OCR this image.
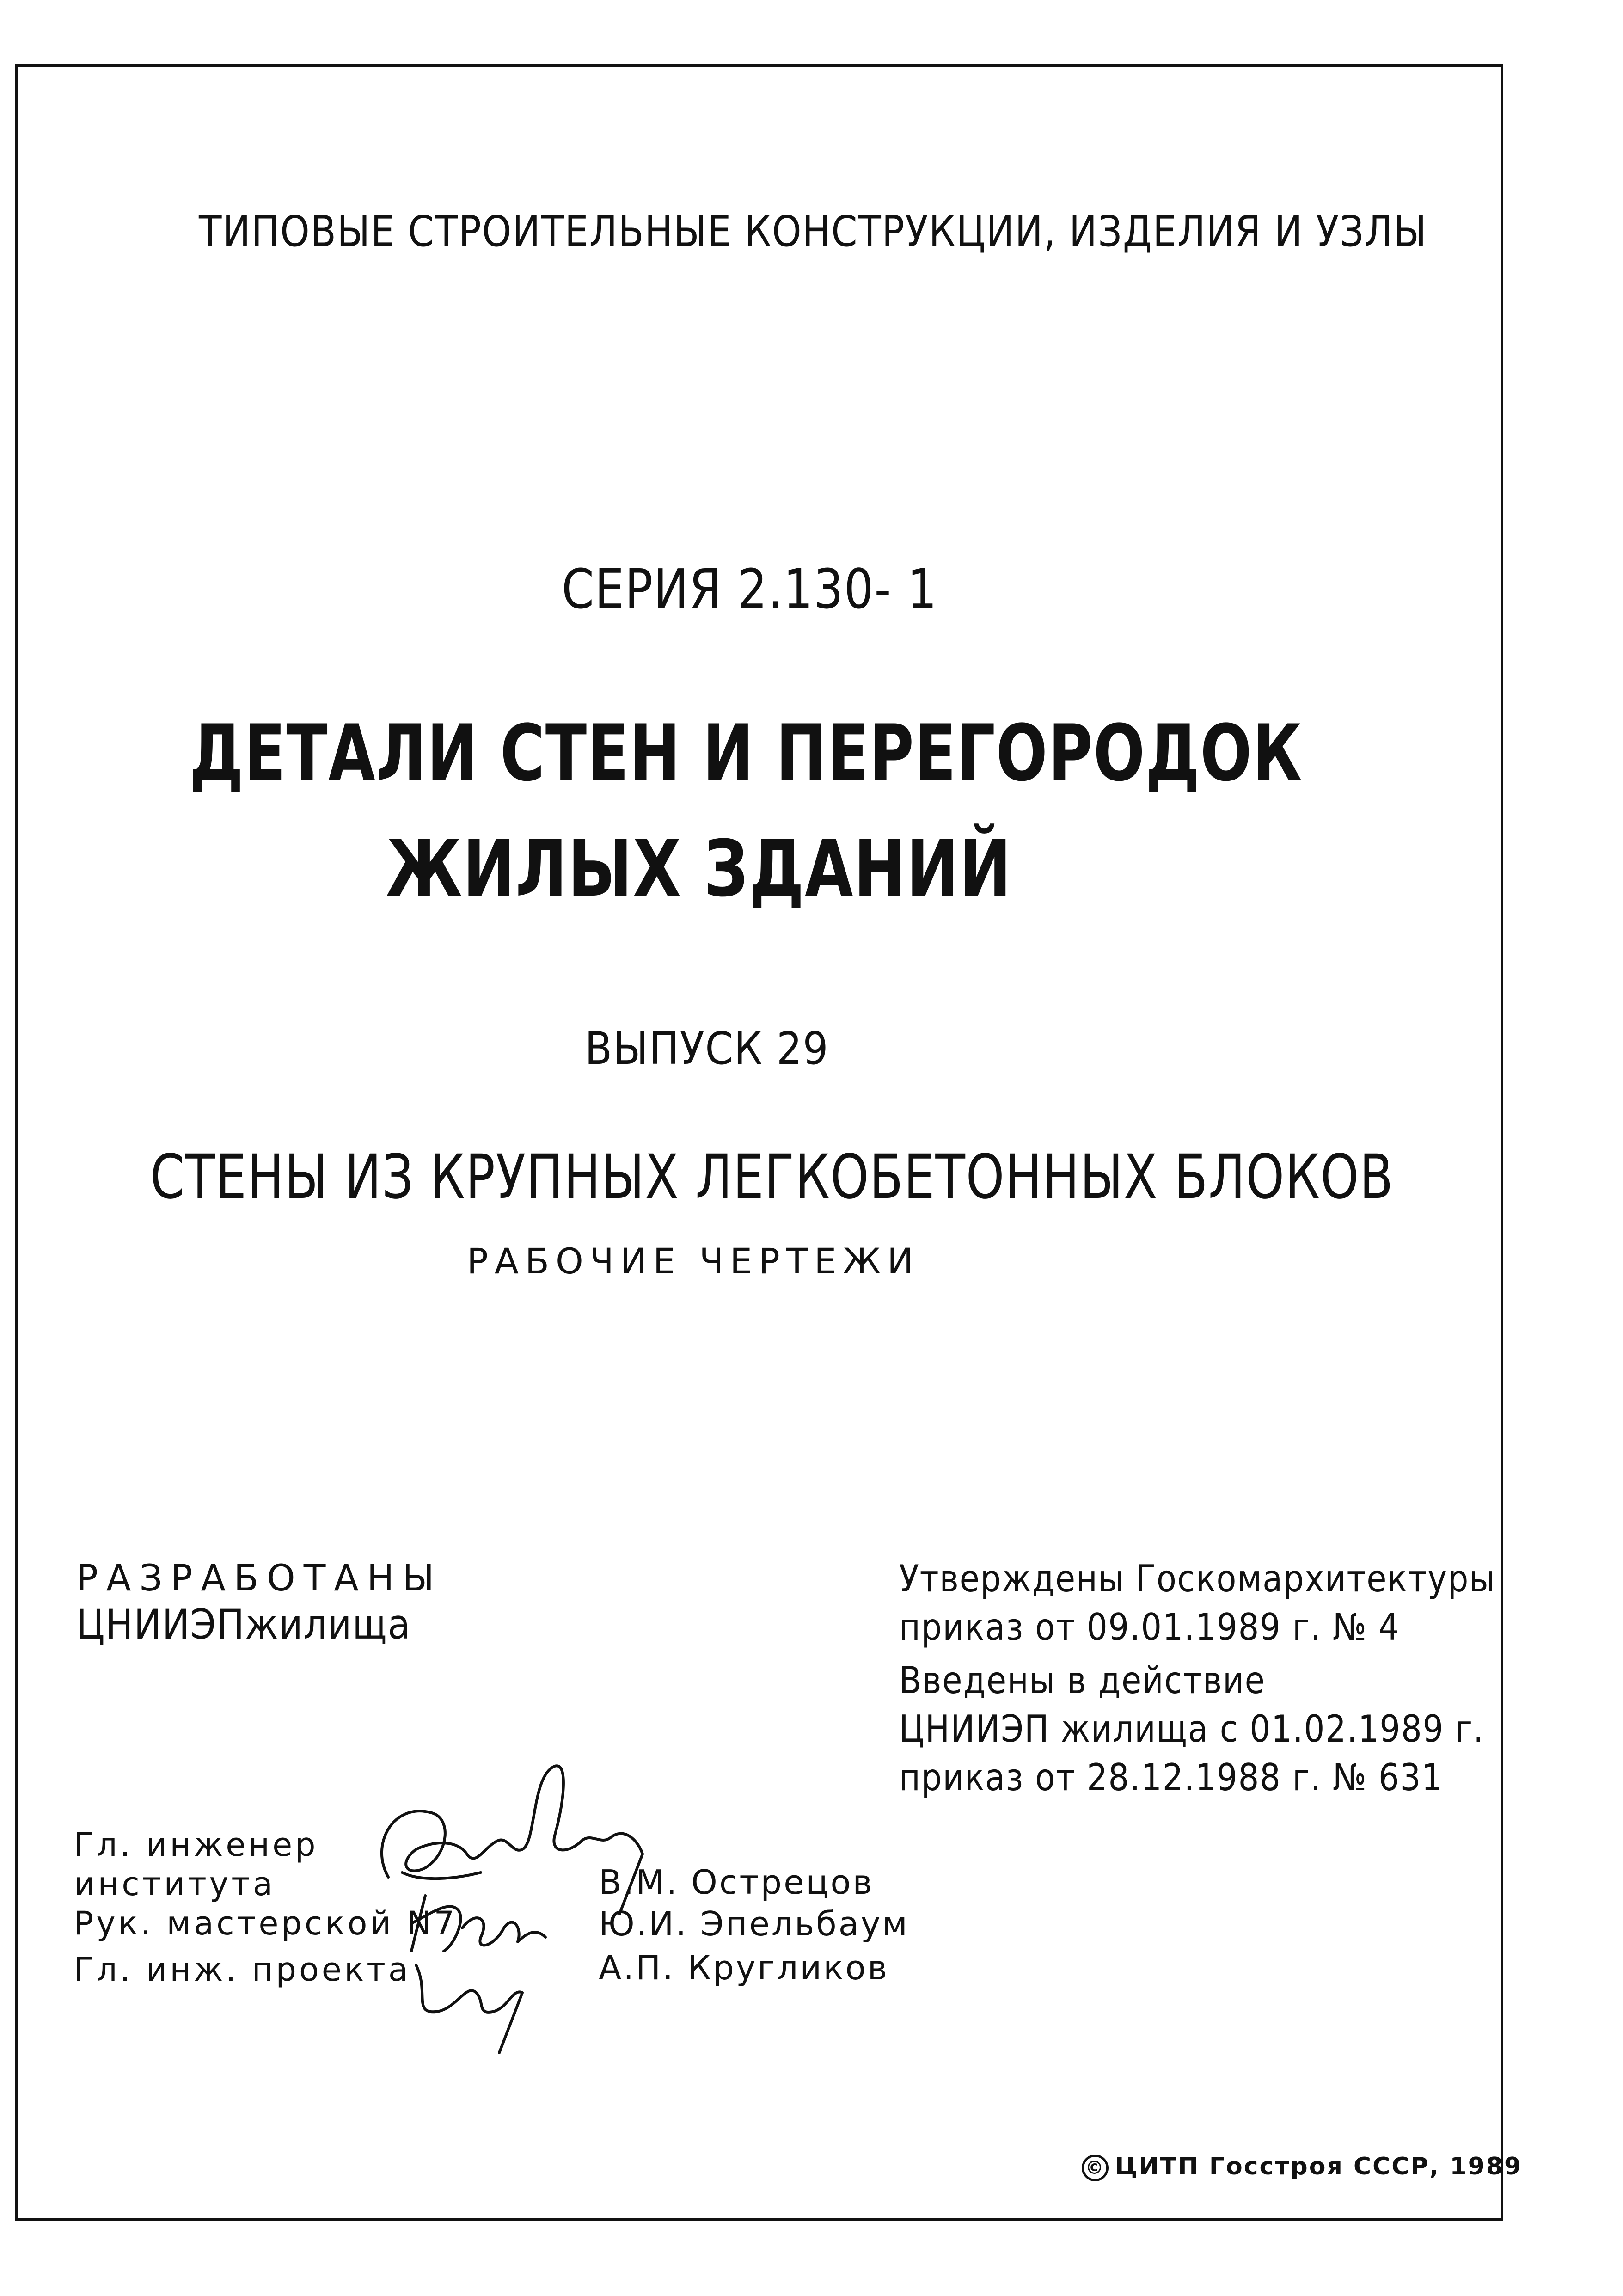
ТИПОВЫЕ СТРОИТЕЛЬНЫЕ КОНСТРУКЦИИ, ИЗДЕЛИЯ И УЗЛЫ
СЕРИЯ 2.130- 1
ДЕТАЛИ СТЕН И ПЕРЕГОРОДОК
ЖИЛЫХ ЗДАНИЙ
ВЫПУСК 29
СТЕНЫ ИЗ КРУПНЫХ ЛЕГКОБЕТОННЫХ БЛОКОВ
РАБОЧИЕ ЧЕРТЕЖИ
РАЗРАБОТАНЫ
ЦНИИЭПжилища
Утверждены Госкомархитектуры
приказ от 09.01.1989 г. № 4
Введены в действие
ЦНИИЭП жилища с 01.02.1989 г.
приказ от 28.12.1988 г. № 631
Гл. инженер
института
Рук. мастерской N7
Гл. инж. проекта
В.М. Острецов
Ю.И. Эпельбаум
А.П. Кругликов
© ЦИТП Госстроя СССР, 1989
